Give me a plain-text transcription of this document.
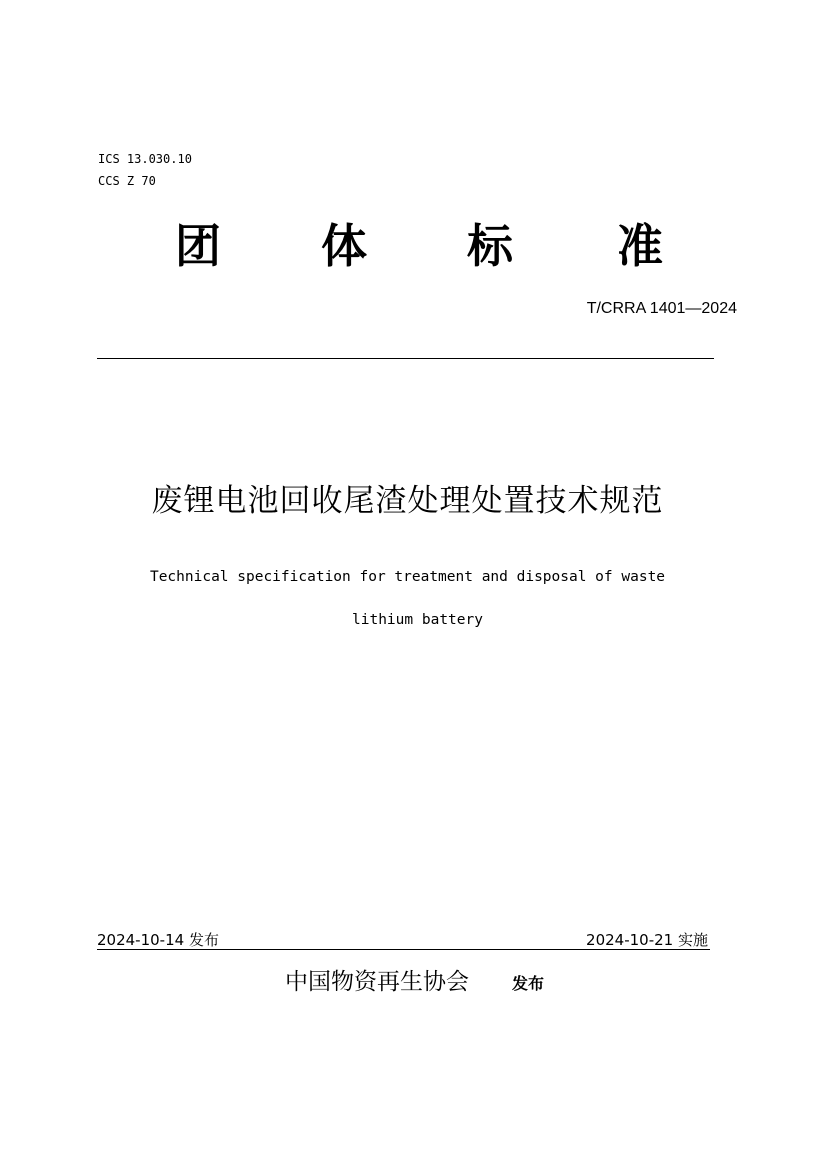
ICS 13.030.10
CCS Z 70
团 体 标 准
T/CRRA 1401—2024
废锂电池回收尾渣处理处置技术规范
Technical specification for treatment and disposal of waste
lithium battery
2024-10-14 发布	2024-10-21 实施
中国物资再生协会	发布
